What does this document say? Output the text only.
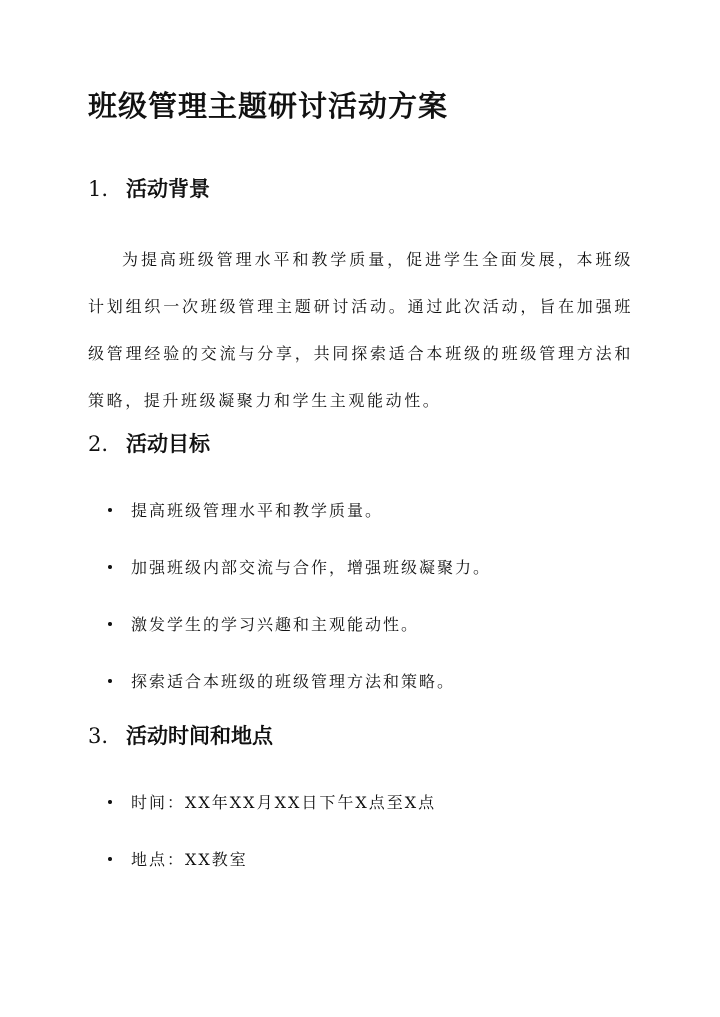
班级管理主题研讨活动方案
1. 活动背景

为提高班级管理水平和教学质量，促进学生全面发展，本班级计划组织一次班级管理主题研讨活动。通过此次活动，旨在加强班级管理经验的交流与分享，共同探索适合本班级的班级管理方法和策略，提升班级凝聚力和学生主观能动性。

2. 活动目标
提高班级管理水平和教学质量。
加强班级内部交流与合作，增强班级凝聚力。
激发学生的学习兴趣和主观能动性。
探索适合本班级的班级管理方法和策略。
3. 活动时间和地点
时间：XX年XX月XX日下午X点至X点
地点：XX教室
